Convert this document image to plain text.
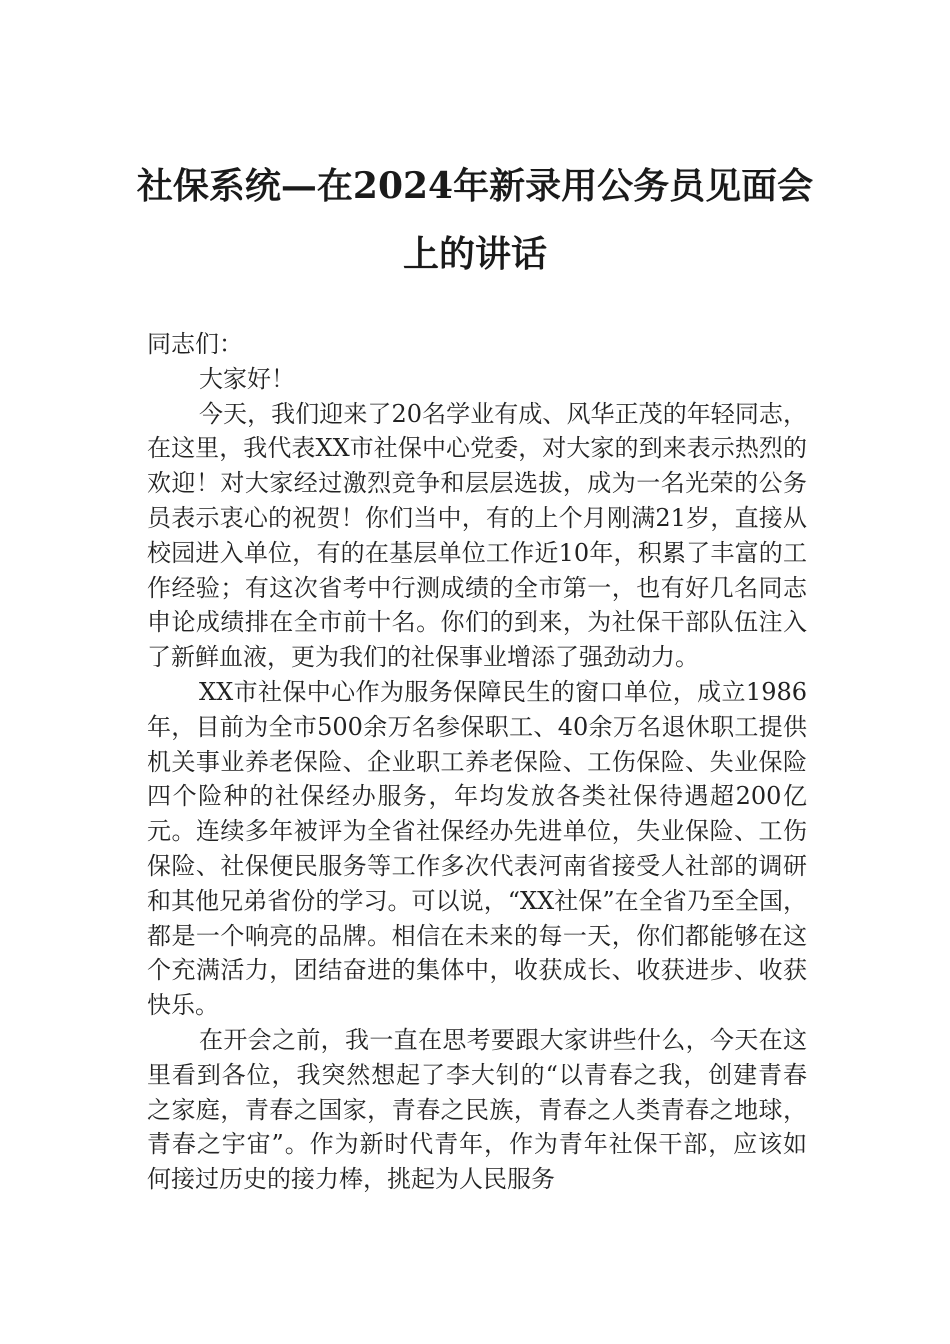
社保系统—在2024年新录用公务员见面会
上的讲话

同志们：

大家好！

今天，我们迎来了20名学业有成、风华正茂的年轻同志，在这里，我代表XX市社保中心党委，对大家的到来表示热烈的欢迎！对大家经过激烈竞争和层层选拔，成为一名光荣的公务员表示衷心的祝贺！你们当中，有的上个月刚满21岁，直接从校园进入单位，有的在基层单位工作近10年，积累了丰富的工作经验；有这次省考中行测成绩的全市第一，也有好几名同志申论成绩排在全市前十名。你们的到来，为社保干部队伍注入了新鲜血液，更为我们的社保事业增添了强劲动力。

XX市社保中心作为服务保障民生的窗口单位，成立1986年，目前为全市500余万名参保职工、40余万名退休职工提供机关事业养老保险、企业职工养老保险、工伤保险、失业保险四个险种的社保经办服务，年均发放各类社保待遇超200亿元。连续多年被评为全省社保经办先进单位，失业保险、工伤保险、社保便民服务等工作多次代表河南省接受人社部的调研和其他兄弟省份的学习。可以说，“XX社保”在全省乃至全国，都是一个响亮的品牌。相信在未来的每一天，你们都能够在这个充满活力，团结奋进的集体中，收获成长、收获进步、收获快乐。

在开会之前，我一直在思考要跟大家讲些什么，今天在这里看到各位，我突然想起了李大钊的“以青春之我，创建青春之家庭，青春之国家，青春之民族，青春之人类青春之地球，青春之宇宙”。作为新时代青年，作为青年社保干部，应该如何接过历史的接力棒，挑起为人民服务
